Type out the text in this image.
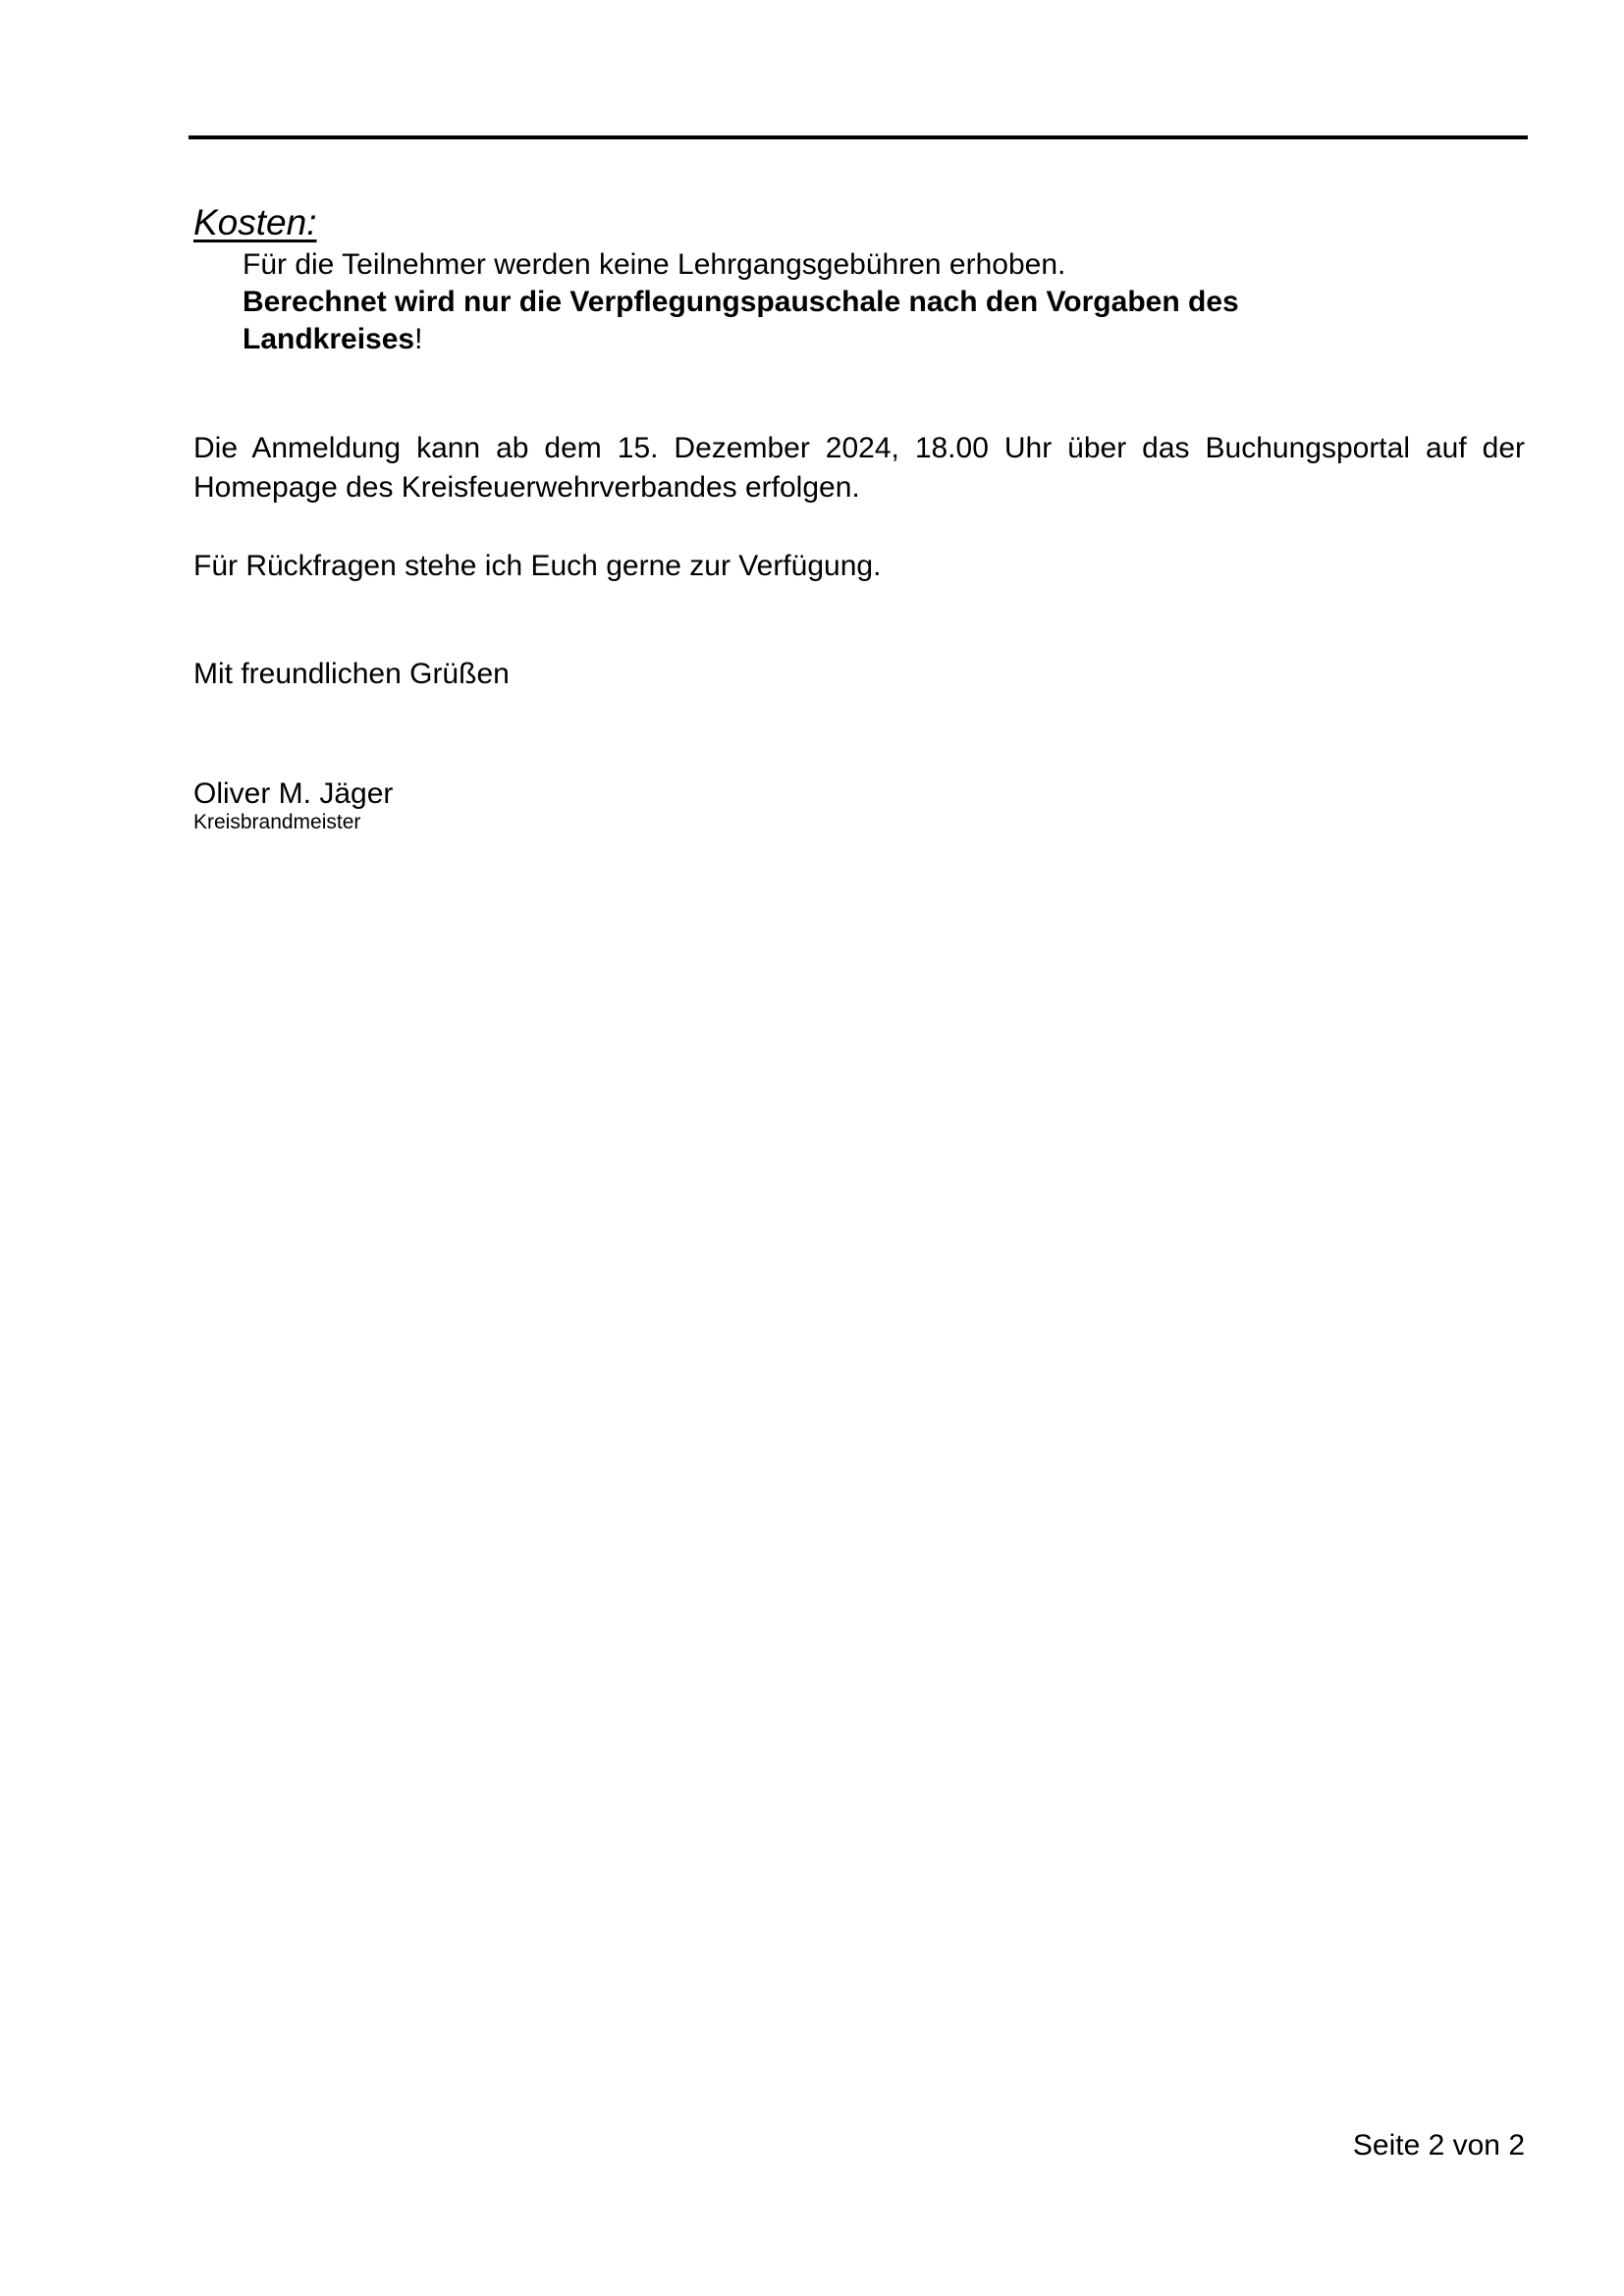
Kosten:
Für die Teilnehmer werden keine Lehrgangsgebühren erhoben.
Berechnet wird nur die Verpflegungspauschale nach den Vorgaben des
Landkreises!
Die Anmeldung kann ab dem 15. Dezember 2024, 18.00 Uhr über das Buchungsportal auf der Homepage des Kreisfeuerwehrverbandes erfolgen.
Für Rückfragen stehe ich Euch gerne zur Verfügung.
Mit freundlichen Grüßen
Oliver M. Jäger
Kreisbrandmeister
Seite 2 von 2
